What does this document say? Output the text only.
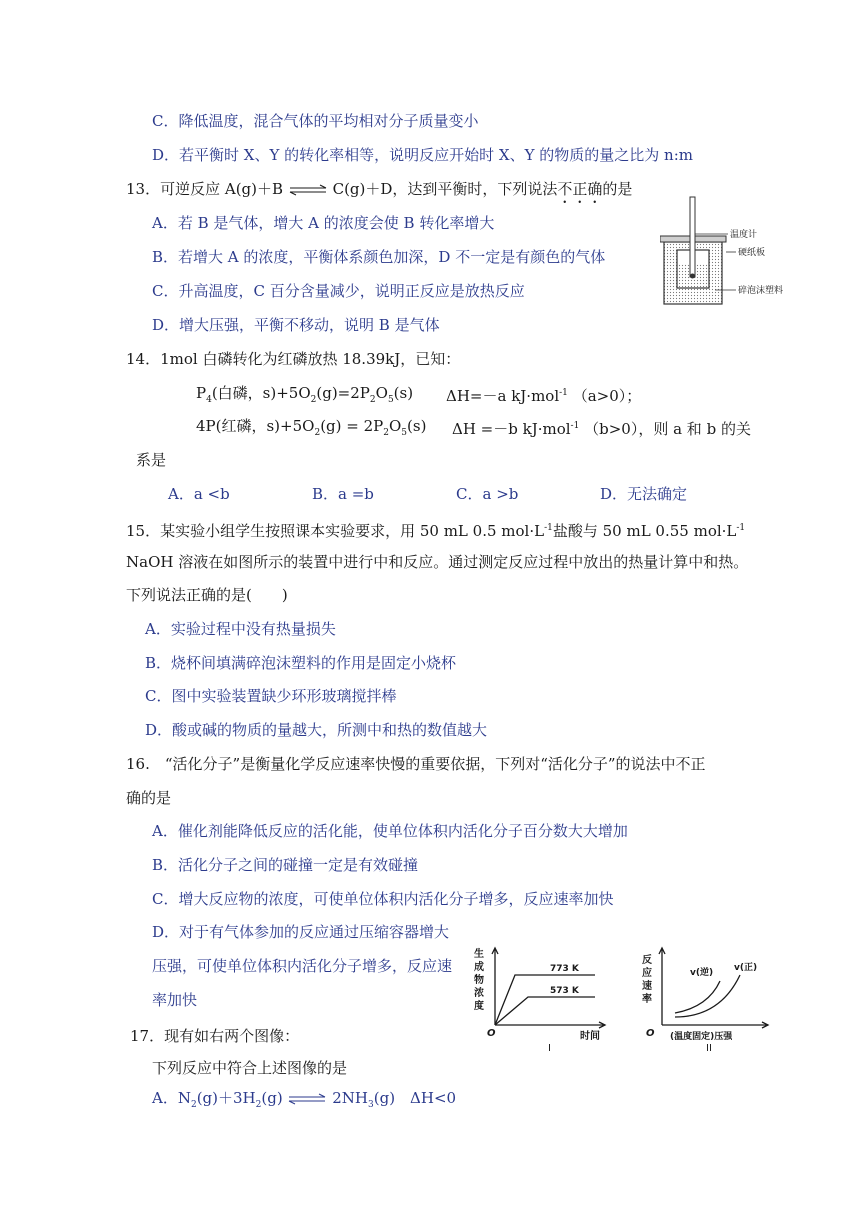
C．降低温度，混合气体的平均相对分子质量变小
D．若平衡时 X、Y 的转化率相等，说明反应开始时 X、Y 的物质的量之比为 n:m
13．可逆反应 A(g)＋B ⇌ C(g)＋D，达到平衡时，下列说法不正确的是
A．若 B 是气体，增大 A 的浓度会使 B 转化率增大
B．若增大 A 的浓度，平衡体系颜色加深，D 不一定是有颜色的气体
C．升高温度，C 百分含量减少，说明正反应是放热反应
D．增大压强，平衡不移动，说明 B 是气体
温度计
硬纸板
碎泡沫塑料
14．1mol 白磷转化为红磷放热 18.39kJ，已知：
$P_4$(白磷，$s)+5O_2(g)=2P_2O_5(s)$ ΔH=－a kJ·mol$^{-1}$ （a>0）；
4P(红磷，$s)+5O_2(g) = 2P_2O_5(s)$ ΔH =－b kJ·mol$^{-1}$ （b>0），则 a 和 b 的关
系是
A．a <b	B．a =b	C．a >b	D．无法确定
15．某实验小组学生按照课本实验要求，用 50 mL 0.5 $mol\cdot L^{-1}$盐酸与 50 mL 0.55 $mol\cdot L^{-1}$
NaOH 溶液在如图所示的装置中进行中和反应。通过测定反应过程中放出的热量计算中和热。
下列说法正确的是(　　)
A．实验过程中没有热量损失
B．烧杯间填满碎泡沫塑料的作用是固定小烧杯
C．图中实验装置缺少环形玻璃搅拌棒
D．酸或碱的物质的量越大，所测中和热的数值越大
16.　“活化分子”是衡量化学反应速率快慢的重要依据，下列对“活化分子”的说法中不正
确的是
A．催化剂能降低反应的活化能，使单位体积内活化分子百分数大大增加
B．活化分子之间的碰撞一定是有效碰撞
C．增大反应物的浓度，可使单位体积内活化分子增多，反应速率加快
D．对于有气体参加的反应通过压缩容器增大
压强，可使单位体积内活化分子增多，反应速
率加快
生
成
物
浓
度
773 K
573 K
O	时间
I
反
应
速
率
v(逆) v(正)
O (温度固定)压强
II
17．现有如右两个图像：
下列反应中符合上述图像的是
A．$N_2(g)+3H_2(g)$ ⇌ $2NH_3(g)$　ΔH<0
